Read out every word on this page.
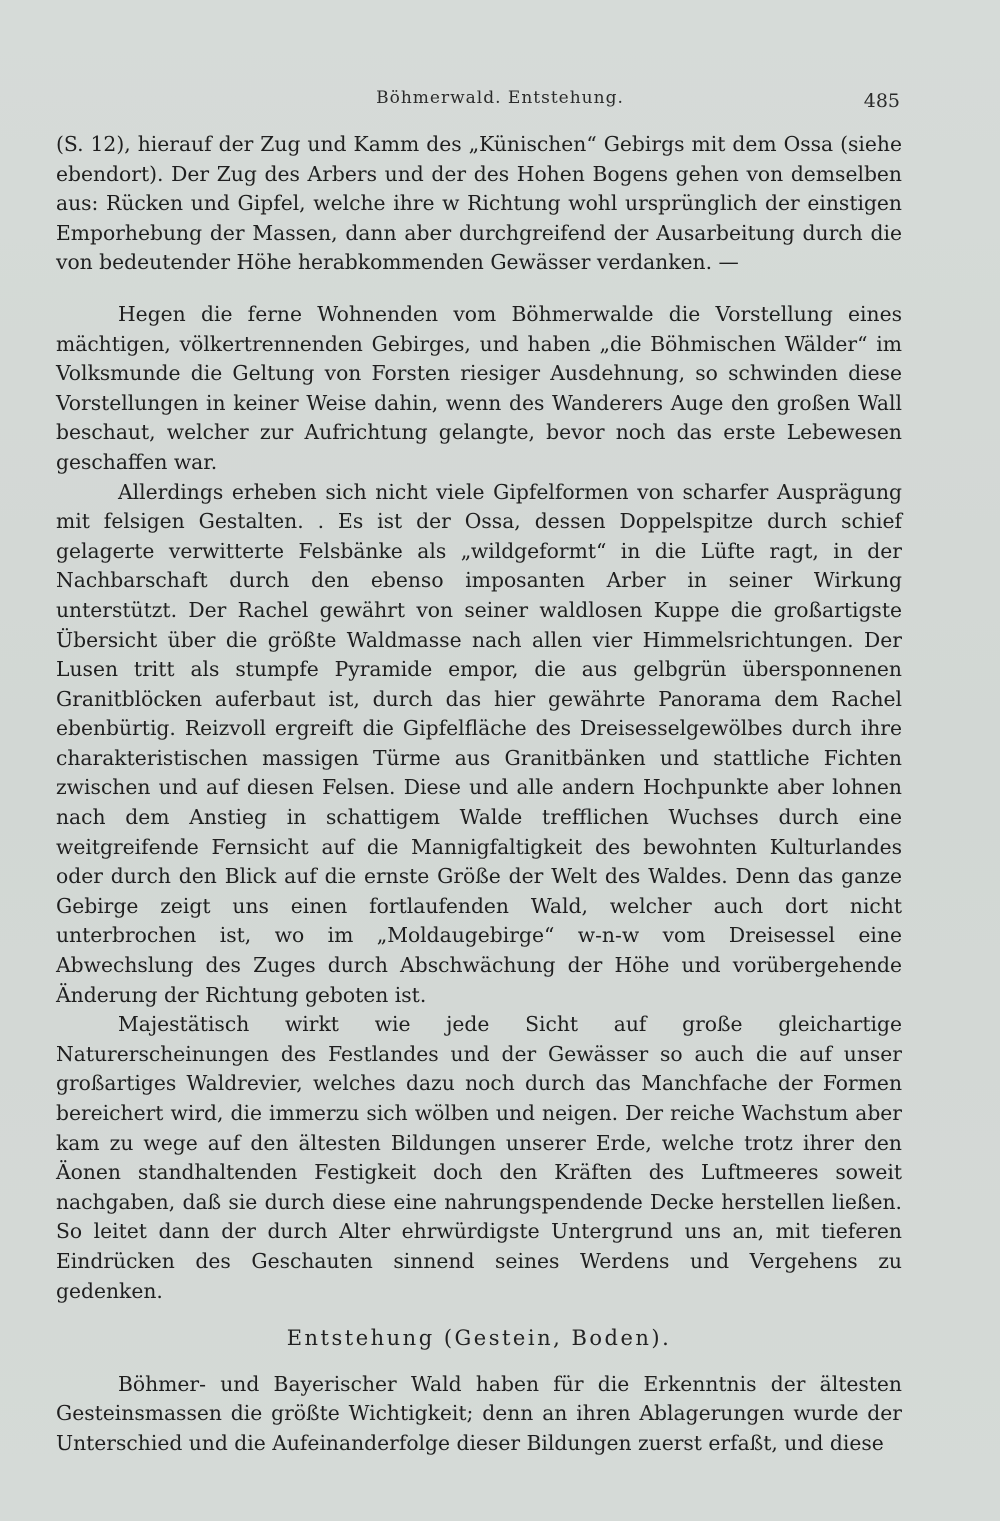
Böhmerwald. Entstehung.	485

(S. 12), hierauf der Zug und Kamm des „Künischen“ Gebirgs mit dem Ossa (siehe ebendort). Der Zug des Arbers und der des Hohen Bogens gehen von demselben aus: Rücken und Gipfel, welche ihre w Richtung wohl ursprünglich der einstigen Emporhebung der Massen, dann aber durchgreifend der Ausarbeitung durch die von bedeutender Höhe herabkommenden Gewässer verdanken. —

Hegen die ferne Wohnenden vom Böhmerwalde die Vorstellung eines mächtigen, völkertrennenden Gebirges, und haben „die Böhmischen Wälder“ im Volksmunde die Geltung von Forsten riesiger Ausdehnung, so schwinden diese Vorstellungen in keiner Weise dahin, wenn des Wanderers Auge den großen Wall beschaut, welcher zur Aufrichtung gelangte, bevor noch das erste Lebewesen geschaffen war.

Allerdings erheben sich nicht viele Gipfelformen von scharfer Ausprägung mit felsigen Gestalten. . Es ist der Ossa, dessen Doppelspitze durch schief gelagerte verwitterte Felsbänke als „wildgeformt“ in die Lüfte ragt, in der Nachbarschaft durch den ebenso imposanten Arber in seiner Wirkung unterstützt. Der Rachel gewährt von seiner waldlosen Kuppe die großartigste Übersicht über die größte Waldmasse nach allen vier Himmelsrichtungen. Der Lusen tritt als stumpfe Pyramide empor, die aus gelbgrün übersponnenen Granitblöcken auferbaut ist, durch das hier gewährte Panorama dem Rachel ebenbürtig. Reizvoll ergreift die Gipfelfläche des Dreisesselgewölbes durch ihre charakteristischen massigen Türme aus Granitbänken und stattliche Fichten zwischen und auf diesen Felsen. Diese und alle andern Hochpunkte aber lohnen nach dem Anstieg in schattigem Walde trefflichen Wuchses durch eine weitgreifende Fernsicht auf die Mannigfaltigkeit des bewohnten Kulturlandes oder durch den Blick auf die ernste Größe der Welt des Waldes. Denn das ganze Gebirge zeigt uns einen fortlaufenden Wald, welcher auch dort nicht unterbrochen ist, wo im „Moldaugebirge“ w-n-w vom Dreisessel eine Abwechslung des Zuges durch Abschwächung der Höhe und vorübergehende Änderung der Richtung geboten ist.

Majestätisch wirkt wie jede Sicht auf große gleichartige Naturerscheinungen des Festlandes und der Gewässer so auch die auf unser großartiges Waldrevier, welches dazu noch durch das Manchfache der Formen bereichert wird, die immerzu sich wölben und neigen. Der reiche Wachstum aber kam zu wege auf den ältesten Bildungen unserer Erde, welche trotz ihrer den Äonen standhaltenden Festigkeit doch den Kräften des Luftmeeres soweit nachgaben, daß sie durch diese eine nahrungspendende Decke herstellen ließen. So leitet dann der durch Alter ehrwürdigste Untergrund uns an, mit tieferen Eindrücken des Geschauten sinnend seines Werdens und Vergehens zu gedenken.

Entstehung (Gestein, Boden).

Böhmer- und Bayerischer Wald haben für die Erkenntnis der ältesten Gesteinsmassen die größte Wichtigkeit; denn an ihren Ablagerungen wurde der Unterschied und die Aufeinanderfolge dieser Bildungen zuerst erfaßt, und diese
